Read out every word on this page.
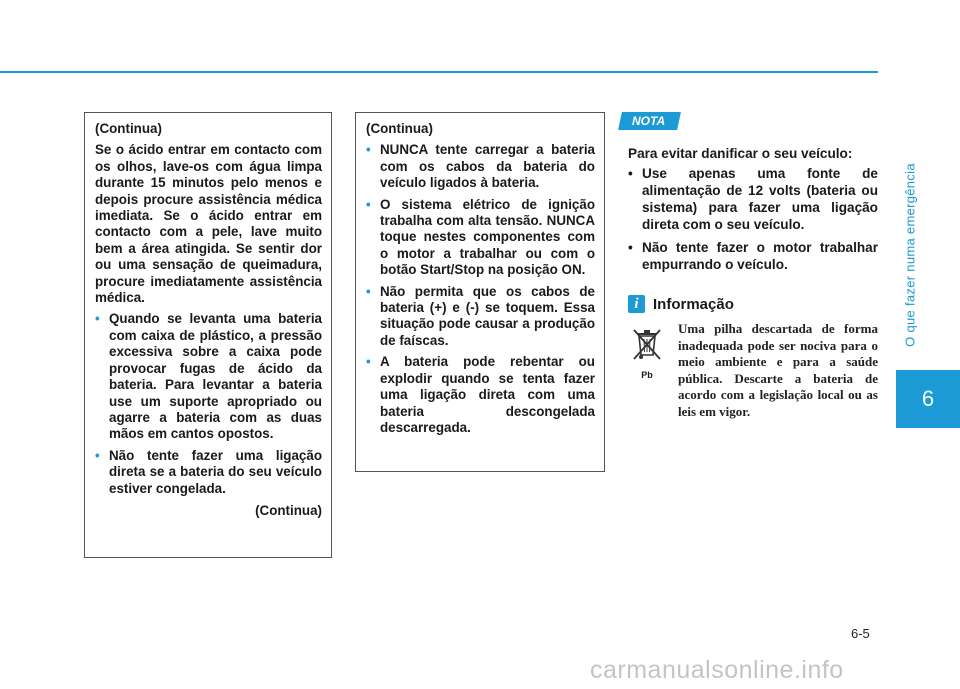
O que fazer numa emergência
6

(Continua)

Se o ácido entrar em contacto com os olhos, lave-os com água limpa durante 15 minutos pelo menos e depois procure assistência médica imediata. Se o ácido entrar em contacto com a pele, lave muito bem a área atingida. Se sentir dor ou uma sensação de queimadura, procure imediatamente assistência médica.

• Quando se levanta uma bateria com caixa de plástico, a pressão excessiva sobre a caixa pode provocar fugas de ácido da bateria. Para levantar a bateria use um suporte apropriado ou agarre a bateria com as duas mãos em cantos opostos.
• Não tente fazer uma ligação direta se a bateria do seu veículo estiver congelada.

(Continua)

(Continua)

• NUNCA tente carregar a bateria com os cabos da bateria do veículo ligados à bateria.
• O sistema elétrico de ignição trabalha com alta tensão. NUNCA toque nestes componentes com o motor a trabalhar ou com o botão Start/Stop na posição ON.
• Não permita que os cabos de bateria (+) e (-) se toquem. Essa situação pode causar a produção de faíscas.
• A bateria pode rebentar ou explodir quando se tenta fazer uma ligação direta com uma bateria descongelada descarregada.
NOTA

Para evitar danificar o seu veículo:

• Use apenas uma fonte de alimentação de 12 volts (bateria ou sistema) para fazer uma ligação direta com o seu veículo.
• Não tente fazer o motor trabalhar empurrando o veículo.
i Informação
Pb

Uma pilha descartada de forma inadequada pode ser nociva para o meio ambiente e para a saúde pública. Descarte a bateria de acordo com a legislação local ou as leis em vigor.

6-5
carmanualsonline.info
